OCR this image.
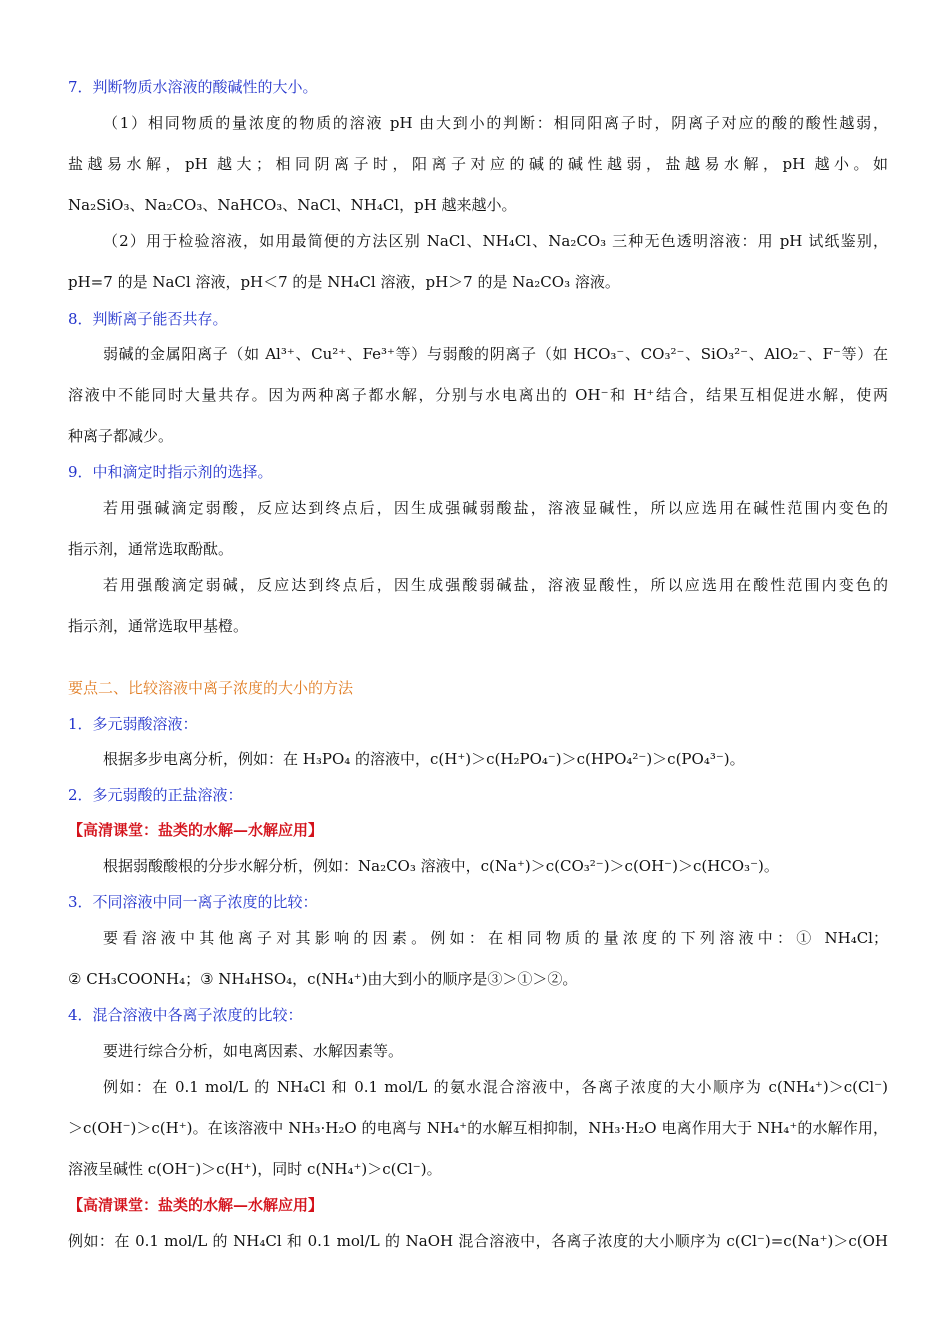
7．判断物质水溶液的酸碱性的大小。
（1）相同物质的量浓度的物质的溶液 pH 由大到小的判断：相同阳离子时，阴离子对应的酸的酸性越弱，
盐越易水解，pH 越大；相同阴离子时，阳离子对应的碱的碱性越弱，盐越易水解，pH 越小。如
Na₂SiO₃、Na₂CO₃、NaHCO₃、NaCl、NH₄Cl，pH 越来越小。
（2）用于检验溶液，如用最简便的方法区别 NaCl、NH₄Cl、Na₂CO₃ 三种无色透明溶液：用 pH 试纸鉴别，
pH=7 的是 NaCl 溶液，pH＜7 的是 NH₄Cl 溶液，pH＞7 的是 Na₂CO₃ 溶液。
8．判断离子能否共存。
弱碱的金属阳离子（如 Al³⁺、Cu²⁺、Fe³⁺等）与弱酸的阴离子（如 HCO₃⁻、CO₃²⁻、SiO₃²⁻、AlO₂⁻、F⁻等）在
溶液中不能同时大量共存。因为两种离子都水解，分别与水电离出的 OH⁻和 H⁺结合，结果互相促进水解，使两
种离子都减少。
9．中和滴定时指示剂的选择。
若用强碱滴定弱酸，反应达到终点后，因生成强碱弱酸盐，溶液显碱性，所以应选用在碱性范围内变色的
指示剂，通常选取酚酞。
若用强酸滴定弱碱，反应达到终点后，因生成强酸弱碱盐，溶液显酸性，所以应选用在酸性范围内变色的
指示剂，通常选取甲基橙。
要点二、比较溶液中离子浓度的大小的方法
1．多元弱酸溶液：
根据多步电离分析，例如：在 H₃PO₄ 的溶液中，c(H⁺)＞c(H₂PO₄⁻)＞c(HPO₄²⁻)＞c(PO₄³⁻)。
2．多元弱酸的正盐溶液：
【高清课堂：盐类的水解—水解应用】
根据弱酸酸根的分步水解分析，例如：Na₂CO₃ 溶液中，c(Na⁺)＞c(CO₃²⁻)＞c(OH⁻)＞c(HCO₃⁻)。
3．不同溶液中同一离子浓度的比较：
要看溶液中其他离子对其影响的因素。例如：在相同物质的量浓度的下列溶液中：① NH₄Cl；
② CH₃COONH₄；③ NH₄HSO₄，c(NH₄⁺)由大到小的顺序是③＞①＞②。
4．混合溶液中各离子浓度的比较：
要进行综合分析，如电离因素、水解因素等。
例如：在 0.1 mol/L 的 NH₄Cl 和 0.1 mol/L 的氨水混合溶液中，各离子浓度的大小顺序为 c(NH₄⁺)＞c(Cl⁻)
＞c(OH⁻)＞c(H⁺)。在该溶液中 NH₃·H₂O 的电离与 NH₄⁺的水解互相抑制，NH₃·H₂O 电离作用大于 NH₄⁺的水解作用，
溶液呈碱性 c(OH⁻)＞c(H⁺)，同时 c(NH₄⁺)＞c(Cl⁻)。
【高清课堂：盐类的水解—水解应用】
例如：在 0.1 mol/L 的 NH₄Cl 和 0.1 mol/L 的 NaOH 混合溶液中，各离子浓度的大小顺序为 c(Cl⁻)=c(Na⁺)＞c(OH
